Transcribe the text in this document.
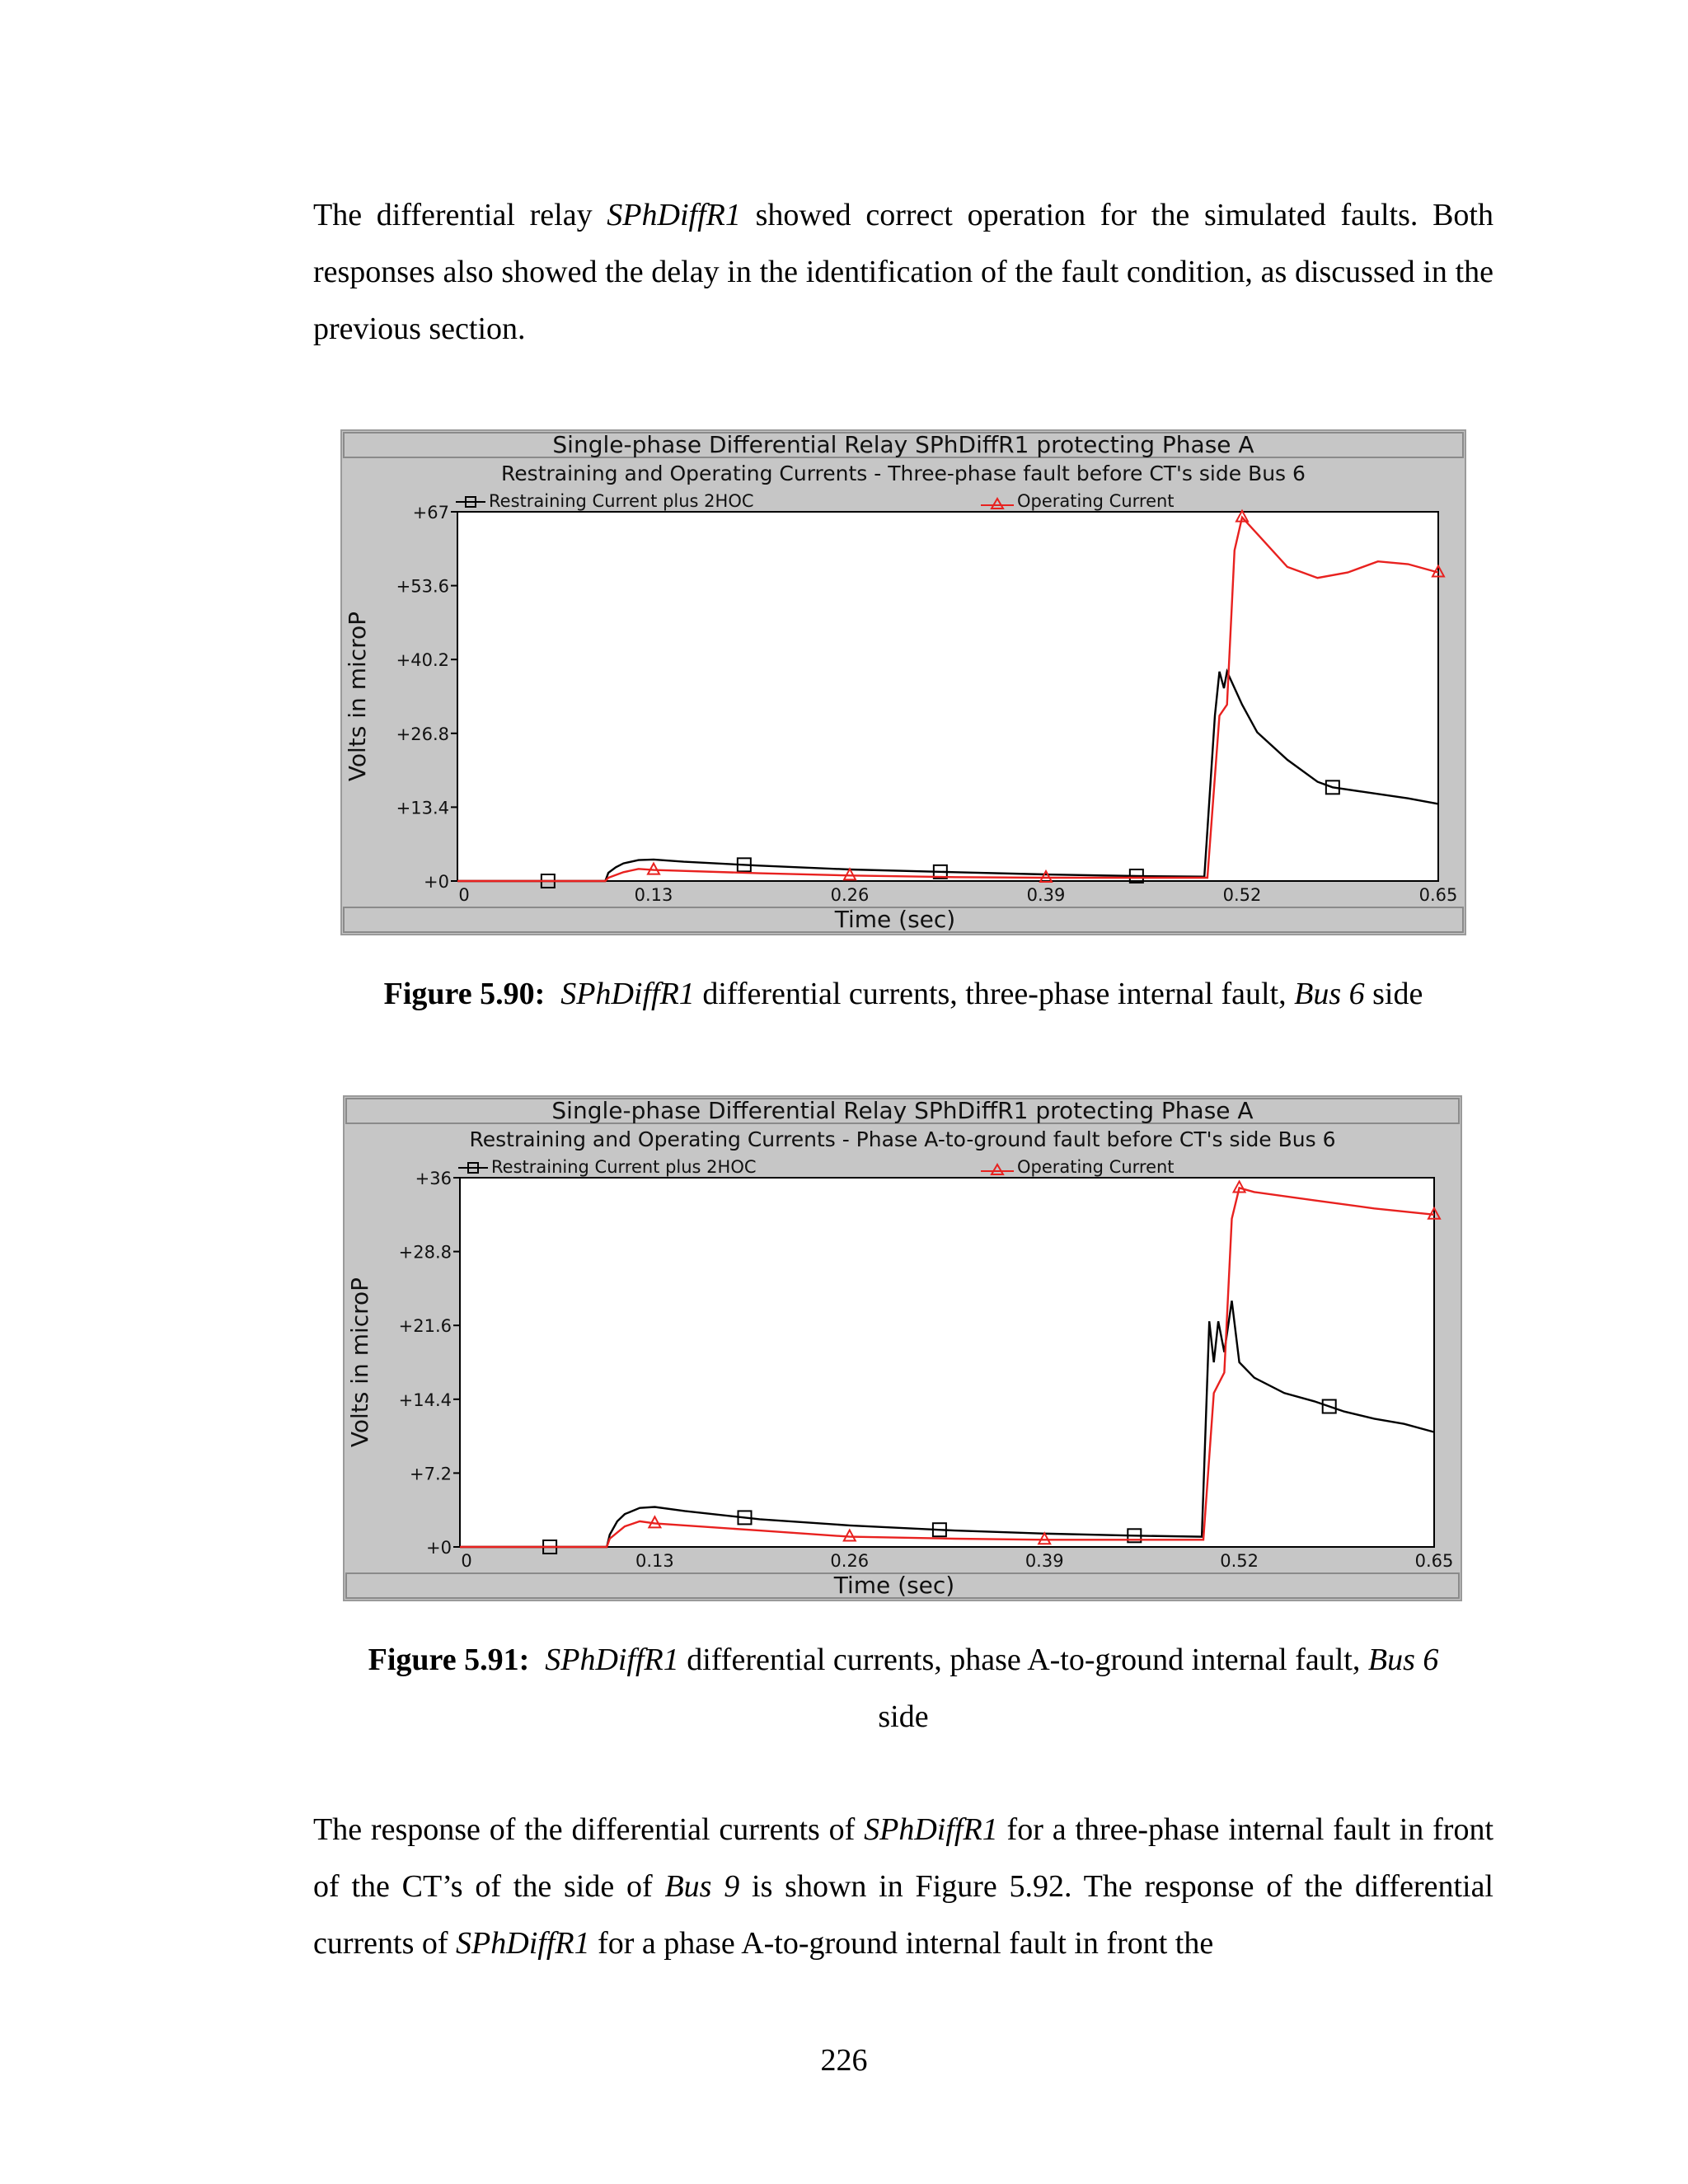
The differential relay SPhDiffR1 showed correct operation for the simulated faults. Both responses also showed the delay in the identification of the fault condition, as discussed in the previous section.

Single-phase Differential Relay SPhDiffR1 protecting Phase A
Restraining and Operating Currents - Three-phase fault before CT's side Bus 6
Restraining Current plus 2HOC	Operating Current
+0
+13.4
+26.8
+40.2
+53.6
+67
0	0.13	0.26	0.39	0.52	0.65
Time (sec)
Volts in microP

Figure 5.90: SPhDiffR1 differential currents, three-phase internal fault, Bus 6 side

Single-phase Differential Relay SPhDiffR1 protecting Phase A
Restraining and Operating Currents - Phase A-to-ground fault before CT's side Bus 6
Restraining Current plus 2HOC	Operating Current
+0
+7.2
+14.4
+21.6
+28.8
+36
0	0.13	0.26	0.39	0.52	0.65
Time (sec)
Volts in microP

Figure 5.91: SPhDiffR1 differential currents, phase A-to-ground internal fault, Bus 6

side

The response of the differential currents of SPhDiffR1 for a three-phase internal fault in front of the CT’s of the side of Bus 9 is shown in Figure 5.92. The response of the differential currents of SPhDiffR1 for a phase A-to-ground internal fault in front the

226
